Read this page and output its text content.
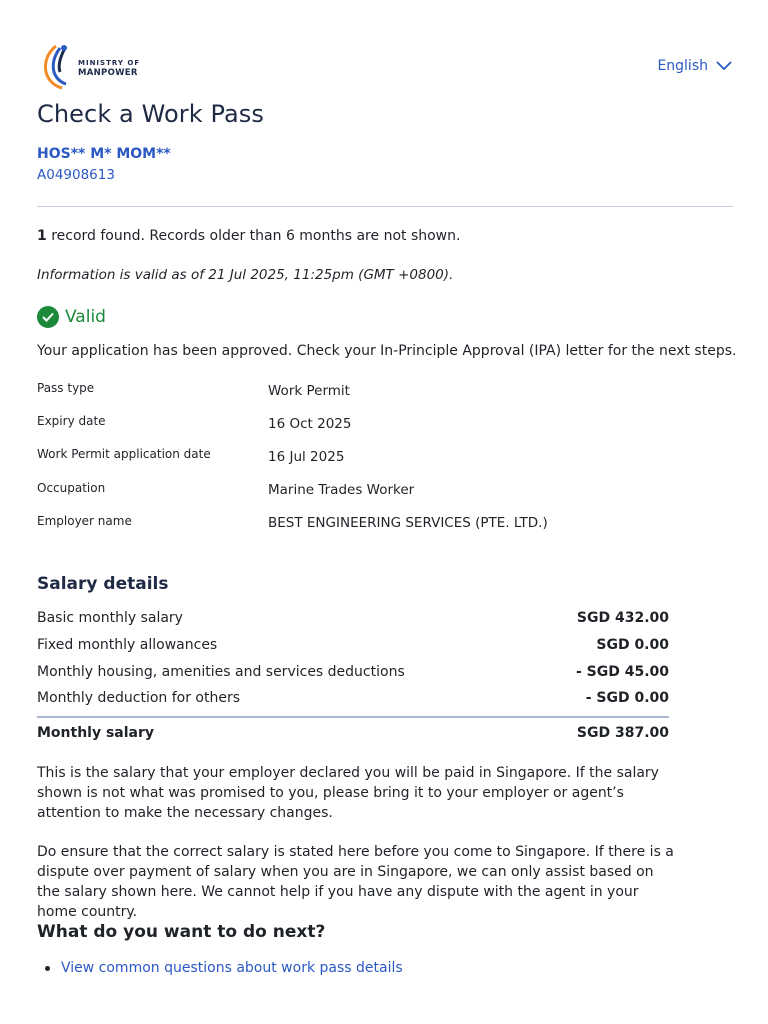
MINISTRY OF
MANPOWER	English
Check a Work Pass
HOS** M* MOM**
A04908613
1 record found. Records older than 6 months are not shown.
Information is valid as of 21 Jul 2025, 11:25pm (GMT +0800).
Valid
Your application has been approved. Check your In-Principle Approval (IPA) letter for the next steps.
Pass type	Work Permit
Expiry date	16 Oct 2025
Work Permit application date	16 Jul 2025
Occupation	Marine Trades Worker
Employer name	BEST ENGINEERING SERVICES (PTE. LTD.)
Salary details
Basic monthly salary	SGD 432.00
Fixed monthly allowances	SGD 0.00
Monthly housing, amenities and services deductions	- SGD 45.00
Monthly deduction for others	- SGD 0.00
Monthly salary	SGD 387.00

This is the salary that your employer declared you will be paid in Singapore. If the salary shown is not what was promised to you, please bring it to your employer or agent’s attention to make the necessary changes.

Do ensure that the correct salary is stated here before you come to Singapore. If there is a dispute over payment of salary when you are in Singapore, we can only assist based on the salary shown here. We cannot help if you have any dispute with the agent in your home country.

What do you want to do next?
View common questions about work pass details
